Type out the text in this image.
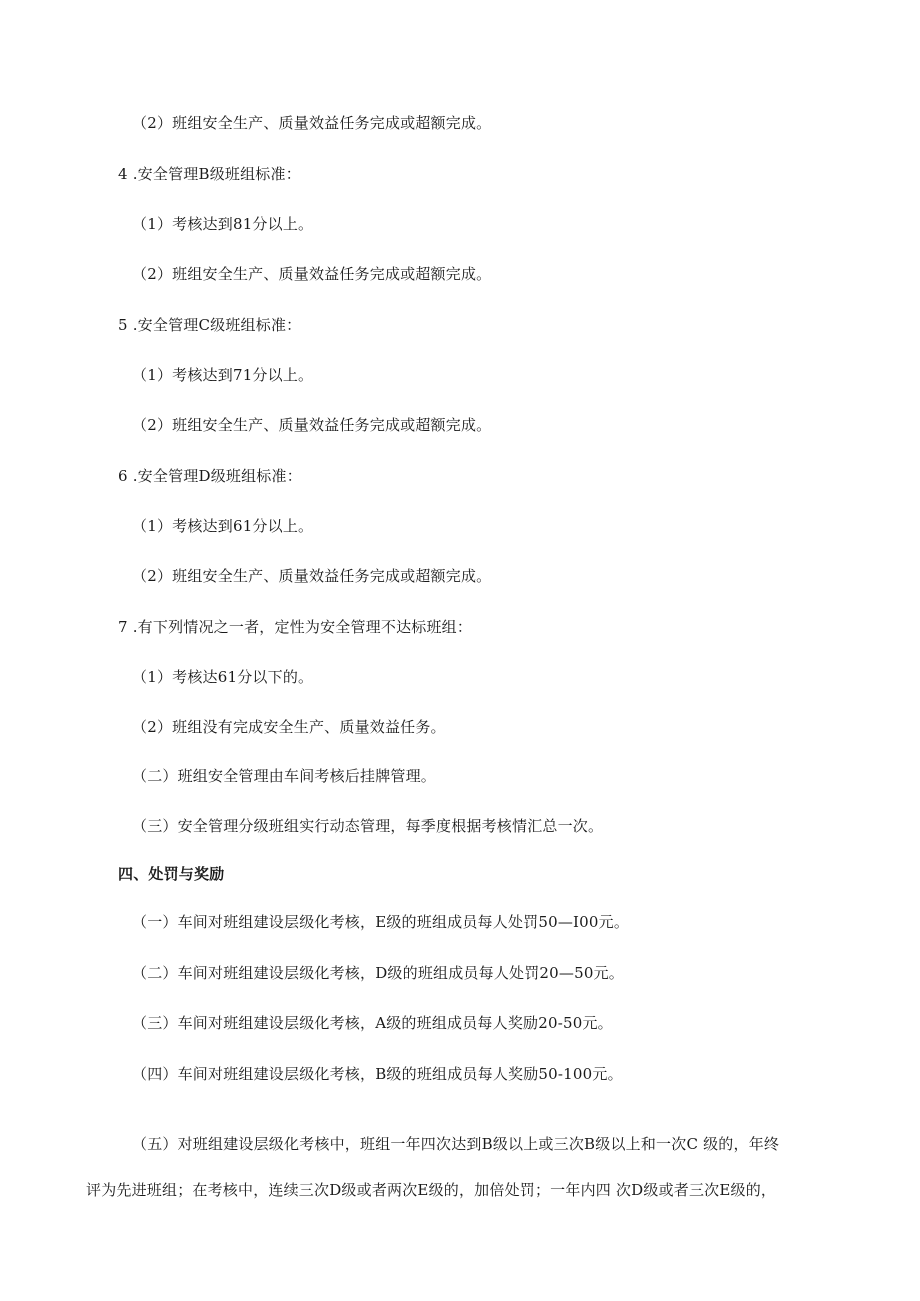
（2）班组安全生产、质量效益任务完成或超额完成。
4 .安全管理B级班组标准：
（1）考核达到81分以上。
（2）班组安全生产、质量效益任务完成或超额完成。
5 .安全管理C级班组标准：
（1）考核达到71分以上。
（2）班组安全生产、质量效益任务完成或超额完成。
6 .安全管理D级班组标准：
（1）考核达到61分以上。
（2）班组安全生产、质量效益任务完成或超额完成。
7 .有下列情况之一者，定性为安全管理不达标班组：
（1）考核达61分以下的。
（2）班组没有完成安全生产、质量效益任务。
（二）班组安全管理由车间考核后挂牌管理。
（三）安全管理分级班组实行动态管理，每季度根据考核情汇总一次。
四、处罚与奖励
（一）车间对班组建设层级化考核，E级的班组成员每人处罚50—I00元。
（二）车间对班组建设层级化考核，D级的班组成员每人处罚20—50元。
（三）车间对班组建设层级化考核，A级的班组成员每人奖励20-50元。
（四）车间对班组建设层级化考核，B级的班组成员每人奖励50-100元。
（五）对班组建设层级化考核中，班组一年四次达到B级以上或三次B级以上和一次C 级的，年终
评为先进班组；在考核中，连续三次D级或者两次E级的，加倍处罚；一年内四 次D级或者三次E级的，
